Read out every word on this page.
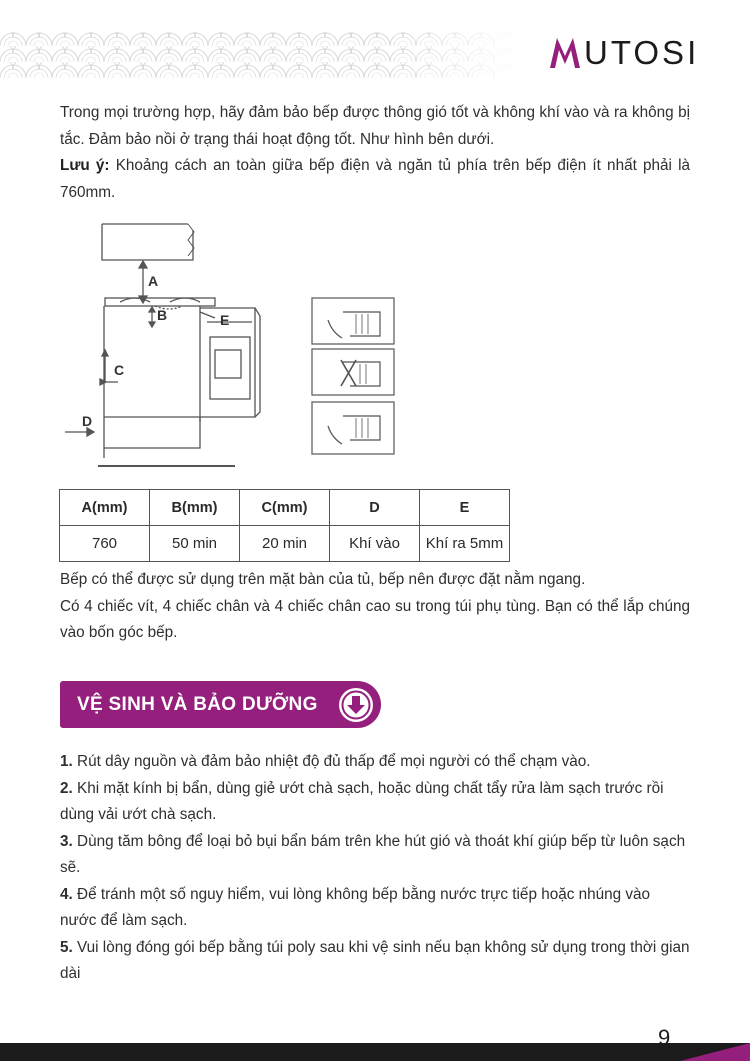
UTOSI

Trong mọi trường hợp, hãy đảm bảo bếp được thông gió tốt và không khí vào và ra không bị tắc. Đảm bảo nồi ở trạng thái hoạt động tốt. Như hình bên dưới.

Lưu ý: Khoảng cách an toàn giữa bếp điện và ngăn tủ phía trên bếp điện ít nhất phải là 760mm.

A
B
C
D
E
A(mm)	B(mm)	C(mm)	D	E
760	50 min	20 min	Khí vào	Khí ra 5mm

Bếp có thể được sử dụng trên mặt bàn của tủ, bếp nên được đặt nằm ngang.

Có 4 chiếc vít, 4 chiếc chân và 4 chiếc chân cao su trong túi phụ tùng. Bạn có thể lắp chúng vào bốn góc bếp.

VỆ SINH VÀ BẢO DƯỠNG

1. Rút dây nguồn và đảm bảo nhiệt độ đủ thấp để mọi người có thể chạm vào.

2. Khi mặt kính bị bẩn, dùng giẻ ướt chà sạch, hoặc dùng chất tẩy rửa làm sạch trước rồi dùng vải ướt chà sạch.

3. Dùng tăm bông để loại bỏ bụi bẩn bám trên khe hút gió và thoát khí giúp bếp từ luôn sạch sẽ.

4. Để tránh một số nguy hiểm, vui lòng không bếp bằng nước trực tiếp hoặc nhúng vào nước để làm sạch.

5. Vui lòng đóng gói bếp bằng túi poly sau khi vệ sinh nếu bạn không sử dụng trong thời gian dài

9
